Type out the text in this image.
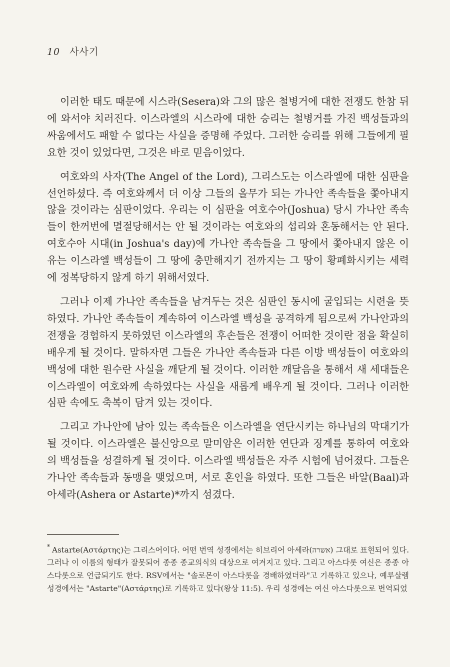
10 사사기

이러한 태도 때문에 시스라(Sesera)와 그의 많은 철병거에 대한 전쟁도 한참 뒤에 와서야 치러진다. 이스라엘의 시스라에 대한 승리는 철병거를 가진 백성들과의 싸움에서도 패할 수 없다는 사실을 증명해 주었다. 그러한 승리를 위해 그들에게 필요한 것이 있었다면, 그것은 바로 믿음이었다.

여호와의 사자(The Angel of the Lord), 그리스도는 이스라엘에 대한 심판을 선언하셨다. 즉 여호와께서 더 이상 그들의 올무가 되는 가나안 족속들을 쫓아내지 않을 것이라는 심판이었다. 우리는 이 심판을 여호수아(Joshua) 당시 가나안 족속들이 한꺼번에 멸절당해서는 안 될 것이라는 여호와의 섭리와 혼동해서는 안 된다. 여호수아 시대(in Joshua's day)에 가나안 족속들을 그 땅에서 쫓아내지 않은 이유는 이스라엘 백성들이 그 땅에 충만해지기 전까지는 그 땅이 황폐화시키는 세력에 정복당하지 않게 하기 위해서였다.

그러나 이제 가나안 족속들을 남겨두는 것은 심판인 동시에 굴입되는 시련을 뜻하였다. 가나안 족속들이 계속하여 이스라엘 백성을 공격하게 됨으로써 가나안과의 전쟁을 경험하지 못하였던 이스라엘의 후손들은 전쟁이 어떠한 것이란 점을 확실히 배우게 될 것이다. 말하자면 그들은 가나안 족속들과 다른 이방 백성들이 여호와의 백성에 대한 원수란 사실을 깨닫게 될 것이다. 이러한 깨달음을 통해서 새 세대들은 이스라엘이 여호와께 속하였다는 사실을 새롭게 배우게 될 것이다. 그러나 이러한 심판 속에도 축복이 담겨 있는 것이다.

그리고 가나안에 남아 있는 족속들은 이스라엘을 연단시키는 하나님의 막대기가 될 것이다. 이스라엘은 불신앙으로 말미암은 이러한 연단과 징계를 통하여 여호와의 백성들을 성결하게 될 것이다. 이스라엘 백성들은 자주 시험에 넘어졌다. 그들은 가나안 족속들과 동맹을 맺었으며, 서로 혼인을 하였다. 또한 그들은 바알(Baal)과 아세라(Ashera or Astarte)*까지 섬겼다.

* Astarte(Αστάρτης)는 그리스어이다. 어떤 번역 성경에서는 히브리어 아세라(אשרה) 그대로 표현되어 있다. 그러나 이 이름의 형태가 잘못되어 종종 종교의식의 대상으로 여겨지고 있다. 그리고 아스다롯 여신은 종종 아스다롯으로 언급되기도 한다. RSV에서는 "솔로몬이 아스다롯을 경배하였더라"고 기록하고 있으나, 예루살렘 성경에서는 "Astarte"(Αστάρτης)로 기록하고 있다(왕상 11:5). 우리 성경에는 여신 아스다롯으로 번역되었
